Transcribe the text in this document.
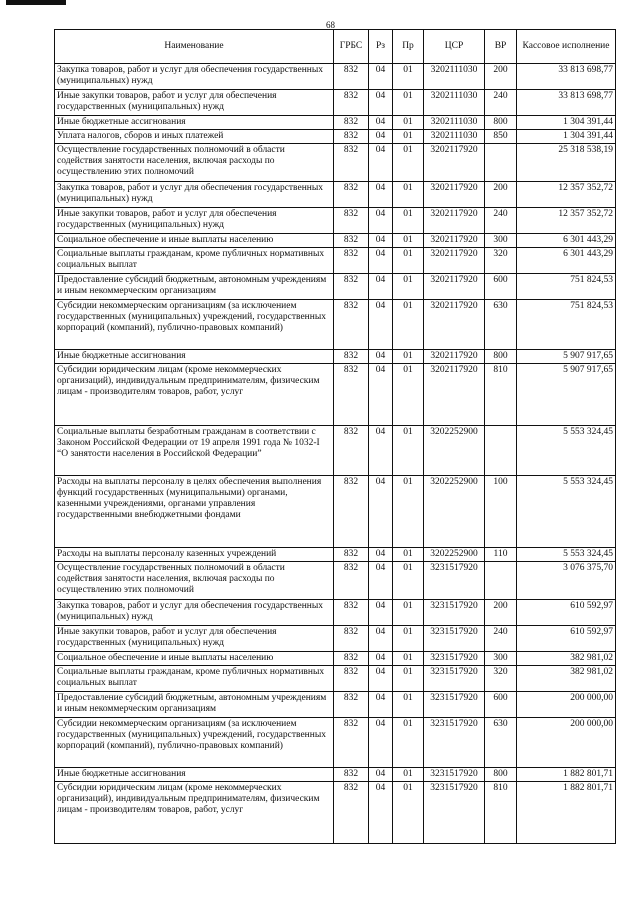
68
Наименование	ГРБС	Рз	Пр	ЦСР	ВР	Кассовое исполнение
Закупка товаров, работ и услуг для обеспечения государственных (муниципальных) нужд	832	04	01	3202111030	200	33 813 698,77
Иные закупки товаров, работ и услуг для обеспечения государственных (муниципальных) нужд	832	04	01	3202111030	240	33 813 698,77
Иные бюджетные ассигнования	832	04	01	3202111030	800	1 304 391,44
Уплата налогов, сборов и иных платежей	832	04	01	3202111030	850	1 304 391,44
Осуществление государственных полномочий в области содействия занятости населения, включая расходы по осуществлению этих полномочий	832	04	01	3202117920		25 318 538,19
Закупка товаров, работ и услуг для обеспечения государственных (муниципальных) нужд	832	04	01	3202117920	200	12 357 352,72
Иные закупки товаров, работ и услуг для обеспечения государственных (муниципальных) нужд	832	04	01	3202117920	240	12 357 352,72
Социальное обеспечение и иные выплаты населению	832	04	01	3202117920	300	6 301 443,29
Социальные выплаты гражданам, кроме публичных нормативных социальных выплат	832	04	01	3202117920	320	6 301 443,29
Предоставление субсидий бюджетным, автономным учреждениям и иным некоммерческим организациям	832	04	01	3202117920	600	751 824,53
Субсидии некоммерческим организациям (за исключением государственных (муниципальных) учреждений, государственных корпораций (компаний), публично-правовых компаний)	832	04	01	3202117920	630	751 824,53
Иные бюджетные ассигнования	832	04	01	3202117920	800	5 907 917,65
Субсидии юридическим лицам (кроме некоммерческих организаций), индивидуальным предпринимателям, физическим лицам - производителям товаров, работ, услуг	832	04	01	3202117920	810	5 907 917,65
Социальные выплаты безработным гражданам в соответствии с Законом Российской Федерации от 19 апреля 1991 года № 1032-I “О занятости населения в Российской Федерации”	832	04	01	3202252900		5 553 324,45
Расходы на выплаты персоналу в целях обеспечения выполнения функций государственных (муниципальными) органами, казенными учреждениями, органами управления государственными внебюджетными фондами	832	04	01	3202252900	100	5 553 324,45
Расходы на выплаты персоналу казенных учреждений	832	04	01	3202252900	110	5 553 324,45
Осуществление государственных полномочий в области содействия занятости населения, включая расходы по осуществлению этих полномочий	832	04	01	3231517920		3 076 375,70
Закупка товаров, работ и услуг для обеспечения государственных (муниципальных) нужд	832	04	01	3231517920	200	610 592,97
Иные закупки товаров, работ и услуг для обеспечения государственных (муниципальных) нужд	832	04	01	3231517920	240	610 592,97
Социальное обеспечение и иные выплаты населению	832	04	01	3231517920	300	382 981,02
Социальные выплаты гражданам, кроме публичных нормативных социальных выплат	832	04	01	3231517920	320	382 981,02
Предоставление субсидий бюджетным, автономным учреждениям и иным некоммерческим организациям	832	04	01	3231517920	600	200 000,00
Субсидии некоммерческим организациям (за исключением государственных (муниципальных) учреждений, государственных корпораций (компаний), публично-правовых компаний)	832	04	01	3231517920	630	200 000,00
Иные бюджетные ассигнования	832	04	01	3231517920	800	1 882 801,71
Субсидии юридическим лицам (кроме некоммерческих организаций), индивидуальным предпринимателям, физическим лицам - производителям товаров, работ, услуг	832	04	01	3231517920	810	1 882 801,71
